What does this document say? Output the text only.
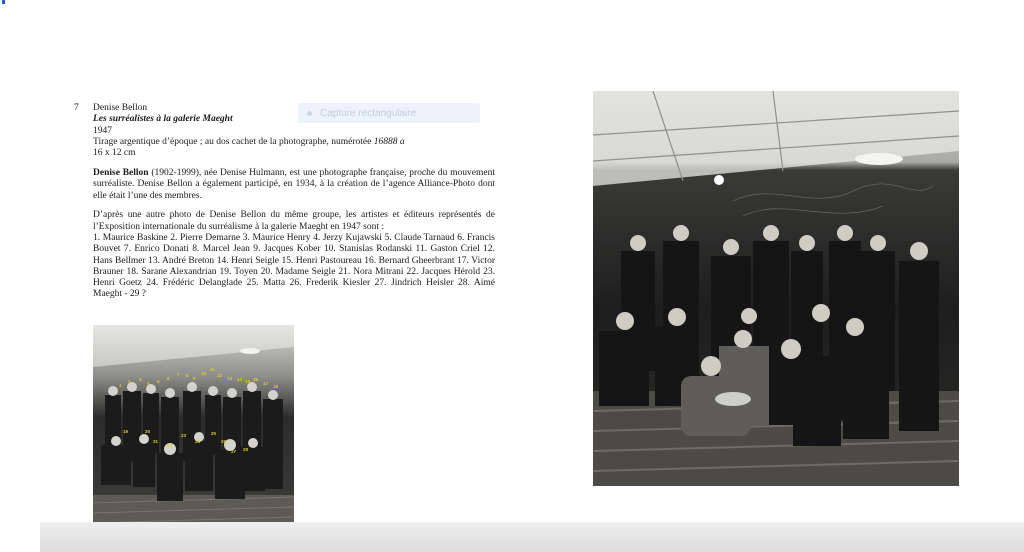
7 Denise Bellon

Les surréalistes à la galerie Maeght

1947

Tirage argentique d’époque ; au dos cachet de la photographe, numérotée 16888 a

16 x 12 cm

Denise Bellon (1902-1999), née Denise Hulmann, est une photographe française, proche du mouvement surréaliste. Denise Bellon a également participé, en 1934, à la création de l’agence Alliance-Photo dont elle était l’une des membres.

D’après une autre photo de Denise Bellon du même groupe, les artistes et éditeurs représentés de l’Exposition internationale du surréalisme à la galerie Maeght en 1947 sont :

1. Maurice Baskine 2. Pierre Demarne 3. Maurice Henry 4. Jerzy Kujawski 5. Claude Tarnaud 6. Francis Bouvet 7. Enrico Donati 8. Marcel Jean 9. Jacques Kober 10. Stanislas Rodanski 11. Gaston Criel 12. Hans Bellmer 13. André Breton 14. Henri Seigle 15. Henri Pastoureau 16. Bernard Gheerbrant 17. Victor Brauner 18. Sarane Alexandrian 19. Toyen 20. Madame Seigle 21. Nora Mitrani 22. Jacques Hérold 23. Henri Goetz 24. Frédéric Delanglade 25. Matta 26. Frederik Kiesler 27. Jindrich Heisler 28. Aimé Maeght - 29 ?

Capture rectangulaire
1
2 3
4 5
6
7 8
9
10
11
12
13 14 15 16
17
18
19	20
21
22
23
24
25
26
27 28
